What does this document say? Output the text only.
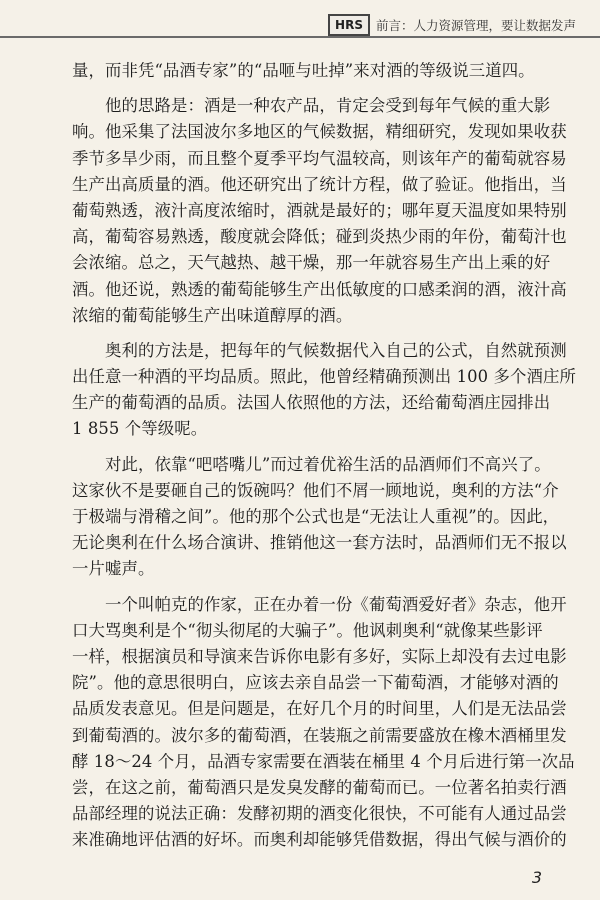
HRS	前言：人力资源管理，要让数据发声
量，而非凭“品酒专家”的“品咂与吐掉”来对酒的等级说三道四。
他的思路是：酒是一种农产品，肯定会受到每年气候的重大影
响。他采集了法国波尔多地区的气候数据，精细研究，发现如果收获
季节多旱少雨，而且整个夏季平均气温较高，则该年产的葡萄就容易
生产出高质量的酒。他还研究出了统计方程，做了验证。他指出，当
葡萄熟透，液汁高度浓缩时，酒就是最好的；哪年夏天温度如果特别
高，葡萄容易熟透，酸度就会降低；碰到炎热少雨的年份，葡萄汁也
会浓缩。总之，天气越热、越干燥，那一年就容易生产出上乘的好
酒。他还说，熟透的葡萄能够生产出低敏度的口感柔润的酒，液汁高
浓缩的葡萄能够生产出味道醇厚的酒。
奥利的方法是，把每年的气候数据代入自己的公式，自然就预测
出任意一种酒的平均品质。照此，他曾经精确预测出 100 多个酒庄所
生产的葡萄酒的品质。法国人依照他的方法，还给葡萄酒庄园排出
1 855 个等级呢。
对此，依靠“吧嗒嘴儿”而过着优裕生活的品酒师们不高兴了。
这家伙不是要砸自己的饭碗吗？他们不屑一顾地说，奥利的方法“介
于极端与滑稽之间”。他的那个公式也是“无法让人重视”的。因此，
无论奥利在什么场合演讲、推销他这一套方法时，品酒师们无不报以
一片嘘声。
一个叫帕克的作家，正在办着一份《葡萄酒爱好者》杂志，他开
口大骂奥利是个“彻头彻尾的大骗子”。他讽刺奥利“就像某些影评
一样，根据演员和导演来告诉你电影有多好，实际上却没有去过电影
院”。他的意思很明白，应该去亲自品尝一下葡萄酒，才能够对酒的
品质发表意见。但是问题是，在好几个月的时间里，人们是无法品尝
到葡萄酒的。波尔多的葡萄酒，在装瓶之前需要盛放在橡木酒桶里发
酵 18～24 个月，品酒专家需要在酒装在桶里 4 个月后进行第一次品
尝，在这之前，葡萄酒只是发臭发酵的葡萄而已。一位著名拍卖行酒
品部经理的说法正确：发酵初期的酒变化很快，不可能有人通过品尝
来准确地评估酒的好坏。而奥利却能够凭借数据，得出气候与酒价的
3
